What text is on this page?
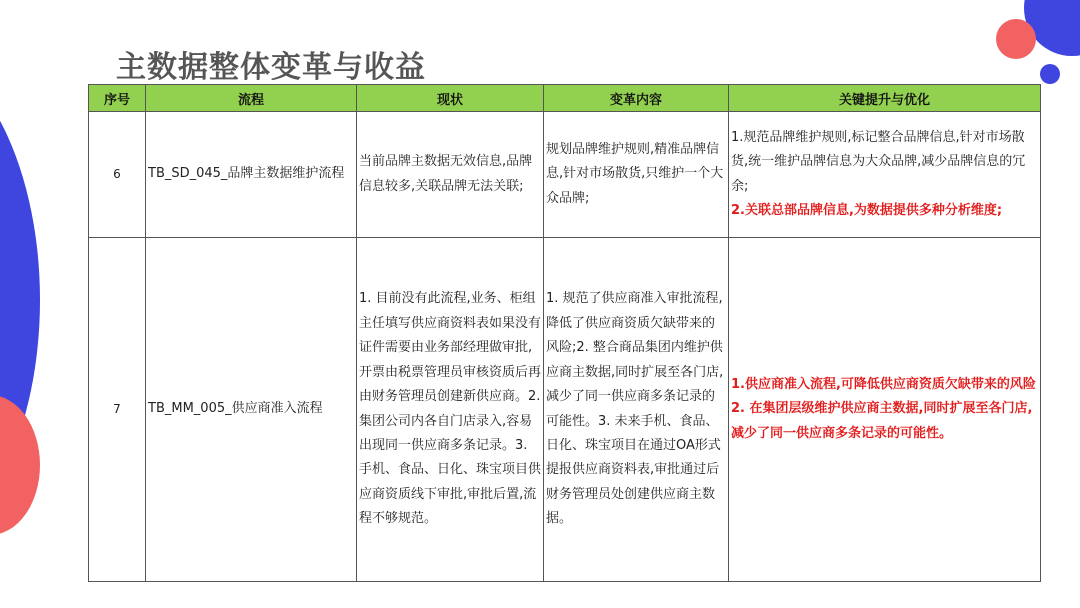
主数据整体变革与收益
序号	流程	现状	变革内容	关键提升与优化
6	TB_SD_045_品牌主数据维护流程	当前品牌主数据无效信息,品牌信息较多,关联品牌无法关联;	规划品牌维护规则,精准品牌信息,针对市场散货,只维护一个大众品牌;	1.规范品牌维护规则,标记整合品牌信息,针对市场散货,统一维护品牌信息为大众品牌,减少品牌信息的冗余;
2.关联总部品牌信息,为数据提供多种分析维度;

7	TB_MM_005_供应商准入流程	1. 目前没有此流程,业务、柜组主任填写供应商资料表如果没有证件需要由业务部经理做审批,开票由税票管理员审核资质后再由财务管理员创建新供应商。2. 集团公司内各自门店录入,容易出现同一供应商多条记录。3. 手机、食品、日化、珠宝项目供应商资质线下审批,审批后置,流程不够规范。	1. 规范了供应商准入审批流程,降低了供应商资质欠缺带来的风险;2. 整合商品集团内维护供应商主数据,同时扩展至各门店,减少了同一供应商多条记录的可能性。3. 未来手机、食品、日化、珠宝项目在通过OA形式提报供应商资料表,审批通过后财务管理员处创建供应商主数据。	1.供应商准入流程,可降低供应商资质欠缺带来的风险
2. 在集团层级维护供应商主数据,同时扩展至各门店,减少了同一供应商多条记录的可能性。
